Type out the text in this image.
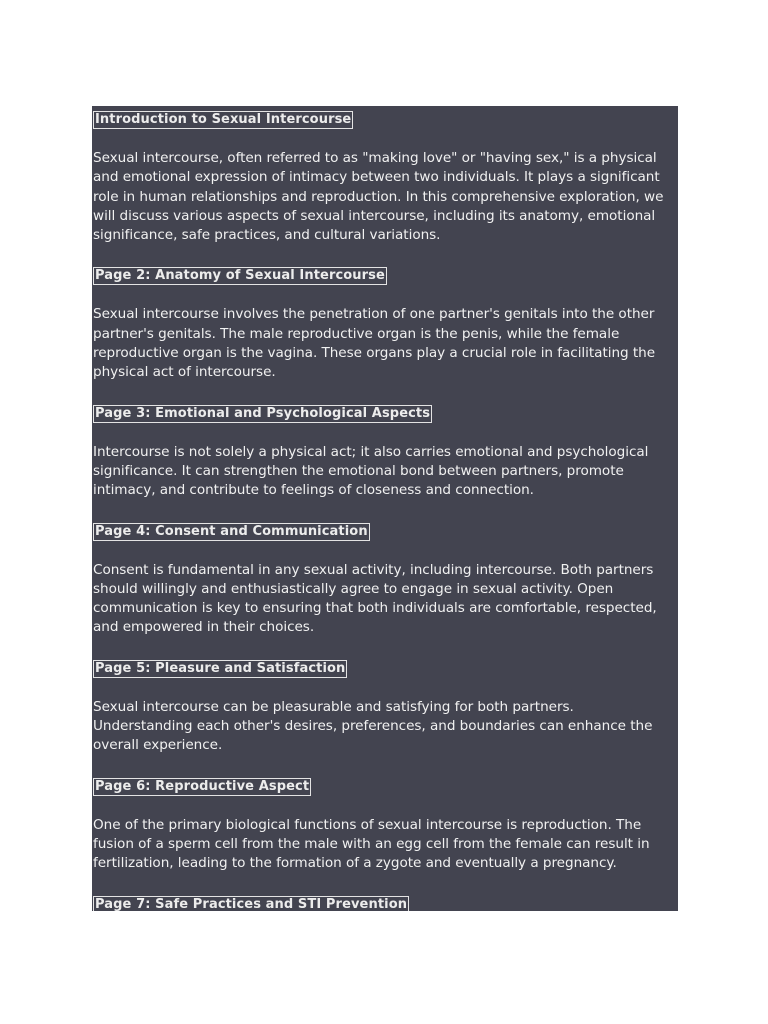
Introduction to Sexual Intercourse

Sexual intercourse, often referred to as "making love" or "having sex," is a physical and emotional expression of intimacy between two individuals. It plays a significant role in human relationships and reproduction. In this comprehensive exploration, we will discuss various aspects of sexual intercourse, including its anatomy, emotional significance, safe practices, and cultural variations.

Page 2: Anatomy of Sexual Intercourse

Sexual intercourse involves the penetration of one partner's genitals into the other partner's genitals. The male reproductive organ is the penis, while the female reproductive organ is the vagina. These organs play a crucial role in facilitating the physical act of intercourse.

Page 3: Emotional and Psychological Aspects

Intercourse is not solely a physical act; it also carries emotional and psychological significance. It can strengthen the emotional bond between partners, promote intimacy, and contribute to feelings of closeness and connection.

Page 4: Consent and Communication

Consent is fundamental in any sexual activity, including intercourse. Both partners should willingly and enthusiastically agree to engage in sexual activity. Open communication is key to ensuring that both individuals are comfortable, respected, and empowered in their choices.

Page 5: Pleasure and Satisfaction

Sexual intercourse can be pleasurable and satisfying for both partners. Understanding each other's desires, preferences, and boundaries can enhance the overall experience.

Page 6: Reproductive Aspect

One of the primary biological functions of sexual intercourse is reproduction. The fusion of a sperm cell from the male with an egg cell from the female can result in fertilization, leading to the formation of a zygote and eventually a pregnancy.

Page 7: Safe Practices and STI Prevention
